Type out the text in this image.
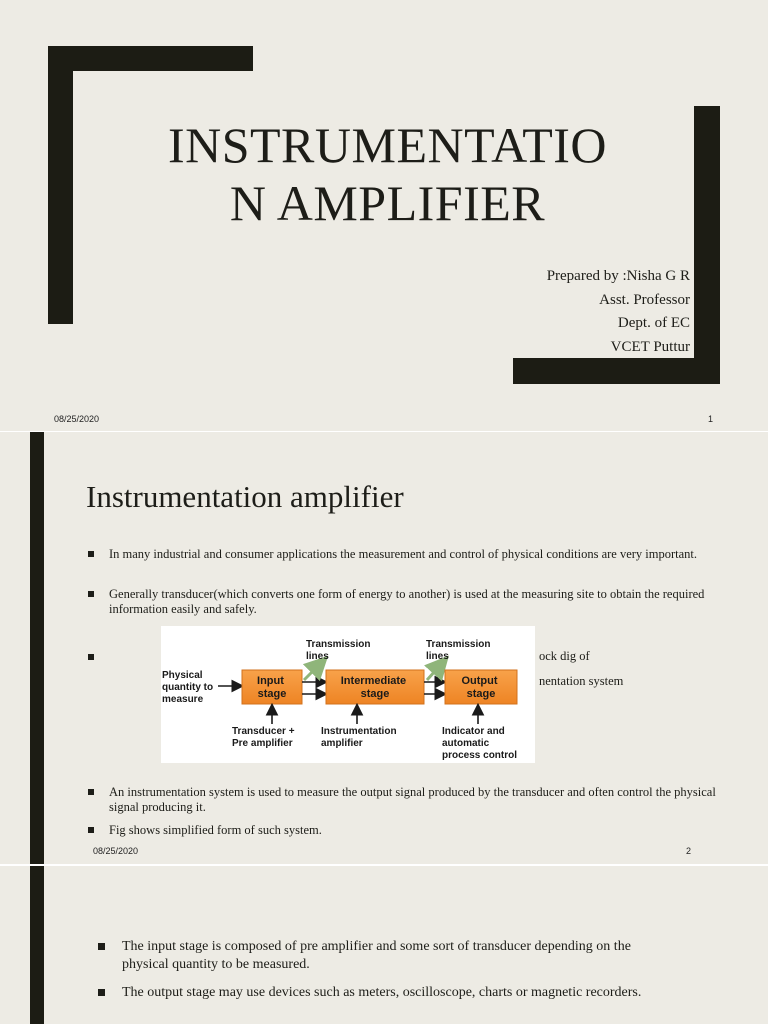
INSTRUMENTATIO
N AMPLIFIER
Prepared by :Nisha G R
Asst. Professor
Dept. of EC
VCET Puttur
08/25/2020	1
Instrumentation amplifier
In many industrial and consumer applications the measurement and control of physical conditions are very important.
Generally transducer(which converts one form of energy to another) is used at the measuring site to obtain the required information easily and safely.
ock dig of
nentation system
Physical quantity to measure
Input stage
Transmission lines
Intermediate stage
Transmission lines
Output stage
Transducer + Pre amplifier
Instrumentation amplifier
Indicator and automatic process control
An instrumentation system is used to measure the output signal produced by the transducer and often control the physical signal producing it.
Fig shows simplified form of such system.
08/25/2020	2
The input stage is composed of pre amplifier and some sort of transducer depending on the physical quantity to be measured.
The output stage may use devices such as meters, oscilloscope, charts or magnetic recorders.
